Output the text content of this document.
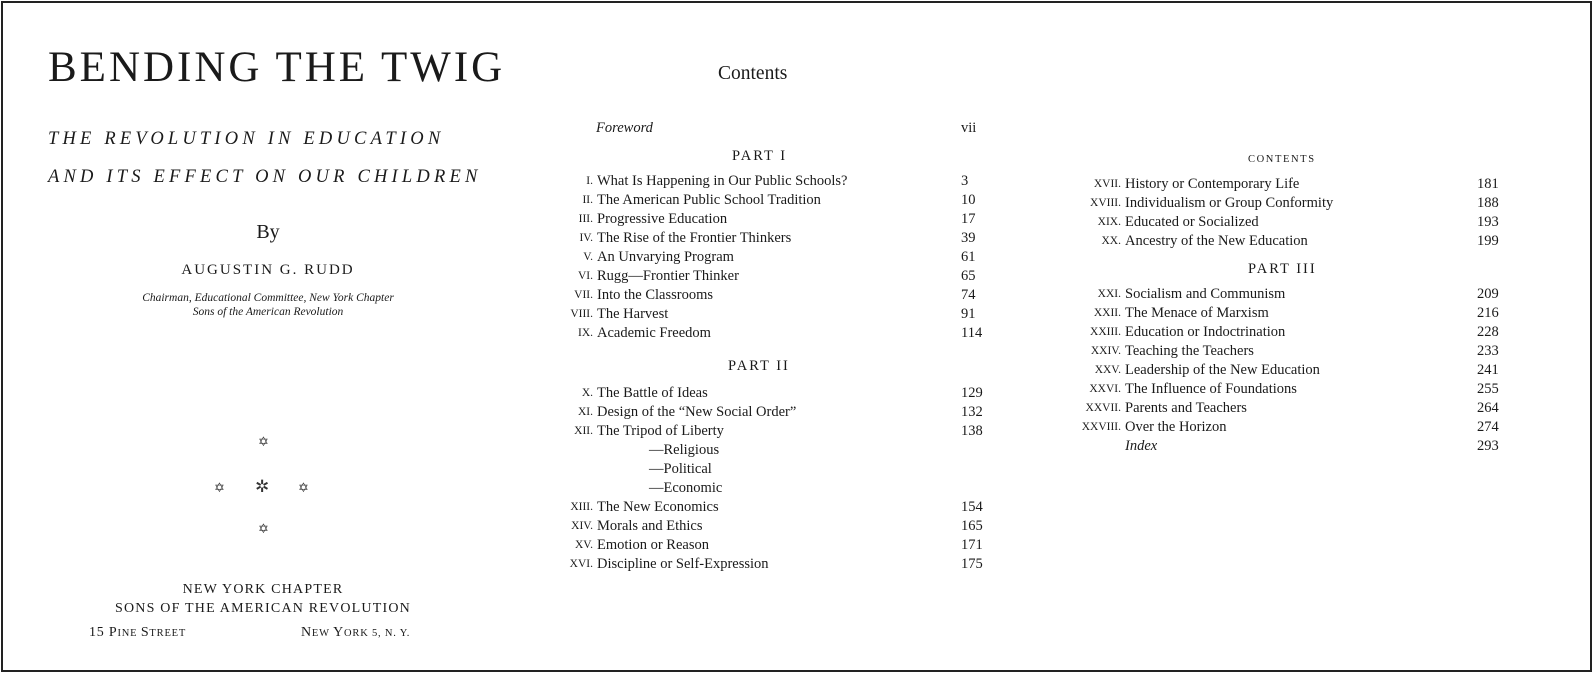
BENDING THE TWIG
THE REVOLUTION IN EDUCATION
AND ITS EFFECT ON OUR CHILDREN
By
AUGUSTIN G. RUDD
Chairman, Educational Committee, New York Chapter
Sons of the American Revolution
✡
✡ ✲ ✡
✡
NEW YORK CHAPTER
SONS OF THE AMERICAN REVOLUTION
15 PINE STREET	NEW YORK 5, N. Y.
Contents
Foreword	vii
PART I
I. What Is Happening in Our Public Schools?	3
II. The American Public School Tradition	10
III. Progressive Education	17
IV. The Rise of the Frontier Thinkers	39
V. An Unvarying Program	61
VI. Rugg—Frontier Thinker	65
VII. Into the Classrooms	74
VIII. The Harvest	91
IX. Academic Freedom	114
PART II
X. The Battle of Ideas	129
XI. Design of the “New Social Order”	132
XII. The Tripod of Liberty	138
—Religious
—Political
—Economic
XIII. The New Economics	154
XIV. Morals and Ethics	165
XV. Emotion or Reason	171
XVI. Discipline or Self-Expression	175
CONTENTS
XVII. History or Contemporary Life	181
XVIII. Individualism or Group Conformity	188
XIX. Educated or Socialized	193
XX. Ancestry of the New Education	199
PART III
XXI. Socialism and Communism	209
XXII. The Menace of Marxism	216
XXIII. Education or Indoctrination	228
XXIV. Teaching the Teachers	233
XXV. Leadership of the New Education	241
XXVI. The Influence of Foundations	255
XXVII. Parents and Teachers	264
XXVIII. Over the Horizon	274
Index	293
